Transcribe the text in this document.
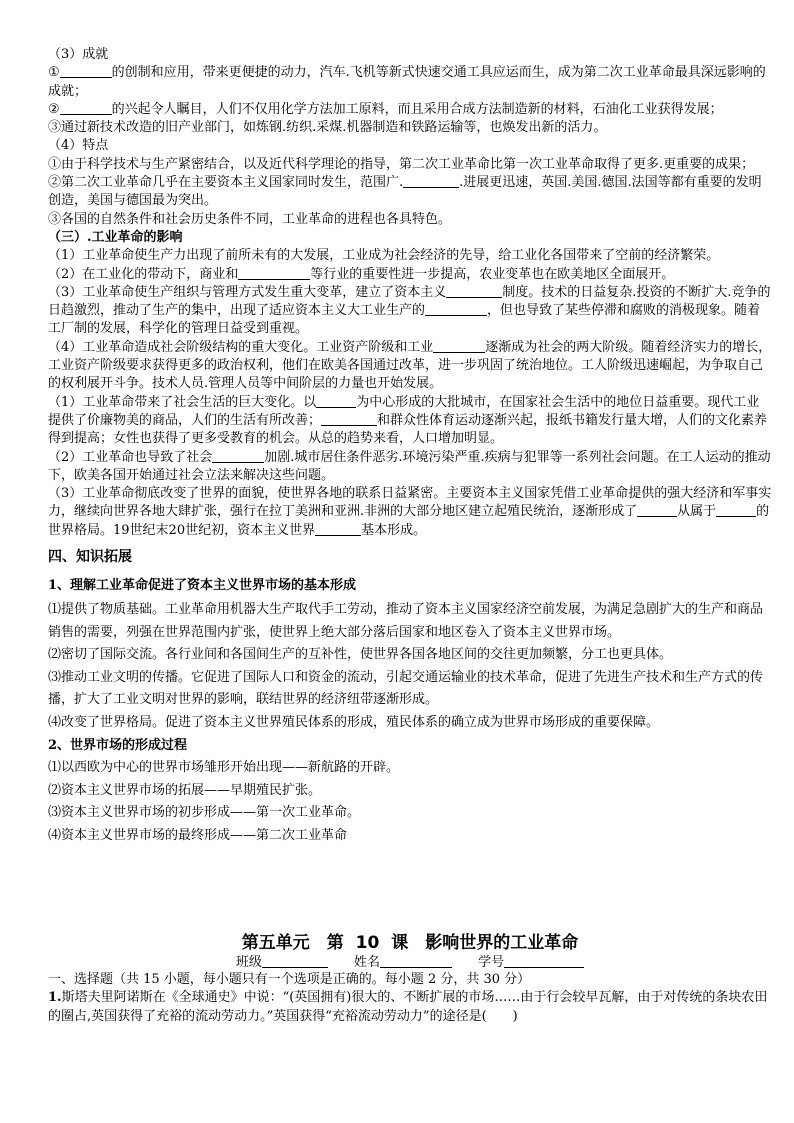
（3）成就

①	的创制和应用，带来更便捷的动力，汽车.飞机等新式快速交通工具应运而生，成为第二次工业革命最具深远影响的成就；

②	的兴起令人瞩目，人们不仅用化学方法加工原料，而且采用合成方法制造新的材料，石油化工业获得发展；

③通过新技术改造的旧产业部门，如炼钢.纺织.采煤.机器制造和铁路运输等，也焕发出新的活力。

（4）特点

①由于科学技术与生产紧密结合，以及近代科学理论的指导，第二次工业革命比第一次工业革命取得了更多.更重要的成果；

②第二次工业革命几乎在主要资本主义国家同时发生，范围广.	.进展更迅速，英国.美国.德国.法国等都有重要的发明创造，美国与德国最为突出。

③各国的自然条件和社会历史条件不同，工业革命的进程也各具特色。

（三）.工业革命的影响

（1）工业革命使生产力出现了前所未有的大发展，工业成为社会经济的先导，给工业化各国带来了空前的经济繁荣。

（2）在工业化的带动下，商业和	等行业的重要性进一步提高，农业变革也在欧美地区全面展开。

（3）工业革命使生产组织与管理方式发生重大变革，建立了资本主义	制度。技术的日益复杂.投资的不断扩大.竞争的日趋激烈，推动了生产的集中，出现了适应资本主义大工业生产的	，但也导致了某些停滞和腐败的消极现象。随着工厂制的发展，科学化的管理日益受到重视。

（4）工业革命造成社会阶级结构的重大变化。工业资产阶级和工业	逐渐成为社会的两大阶级。随着经济实力的增长，工业资产阶级要求获得更多的政治权利，他们在欧美各国通过改革，进一步巩固了统治地位。工人阶级迅速崛起，为争取自己的权利展开斗争。技术人员.管理人员等中间阶层的力量也开始发展。

（1）工业革命带来了社会生活的巨大变化。以	为中心形成的大批城市，在国家社会生活中的地位日益重要。现代工业提供了价廉物美的商品，人们的生活有所改善；	和群众性体育运动逐渐兴起，报纸书籍发行量大增，人们的文化素养得到提高；女性也获得了更多受教育的机会。从总的趋势来看，人口增加明显。

（2）工业革命也导致了社会	加剧.城市居住条件恶劣.环境污染严重.疾病与犯罪等一系列社会问题。在工人运动的推动下，欧美各国开始通过社会立法来解决这些问题。

（3）工业革命彻底改变了世界的面貌，使世界各地的联系日益紧密。主要资本主义国家凭借工业革命提供的强大经济和军事实力，继续向世界各地大肆扩张，强行在拉丁美洲和亚洲.非洲的大部分地区建立起殖民统治，逐渐形成了	从属于	的世界格局。19世纪末20世纪初，资本主义世界	基本形成。

四、知识拓展

1、理解工业革命促进了资本主义世界市场的基本形成

⑴提供了物质基础。工业革命用机器大生产取代手工劳动，推动了资本主义国家经济空前发展，为满足急剧扩大的生产和商品销售的需要，列强在世界范围内扩张，使世界上绝大部分落后国家和地区卷入了资本主义世界市场。

⑵密切了国际交流。各行业间和各国间生产的互补性，使世界各国各地区间的交往更加频繁，分工也更具体。

⑶推动工业文明的传播。它促进了国际人口和资金的流动，引起交通运输业的技术革命，促进了先进生产技术和生产方式的传播，扩大了工业文明对世界的影响，联结世界的经济纽带逐渐形成。

⑷改变了世界格局。促进了资本主义世界殖民体系的形成，殖民体系的确立成为世界市场形成的重要保障。

2、世界市场的形成过程

⑴以西欧为中心的世界市场雏形开始出现——新航路的开辟。

⑵资本主义世界市场的拓展——早期殖民扩张。

⑶资本主义世界市场的初步形成——第一次工业革命。

⑷资本主义世界市场的最终形成——第二次工业革命

第五单元　第 10 课　影响世界的工业革命

班级	姓名	学号

一、选择题（共 15 小题，每小题只有一个选项是正确的。每小题 2 分，共 30 分）

1.斯塔夫里阿诺斯在《全球通史》中说：“(英国拥有)很大的、不断扩展的市场……由于行会较早瓦解，由于对传统的条块农田的圈占,英国获得了充裕的流动劳动力。”英国获得“充裕流动劳动力”的途径是(　　)
